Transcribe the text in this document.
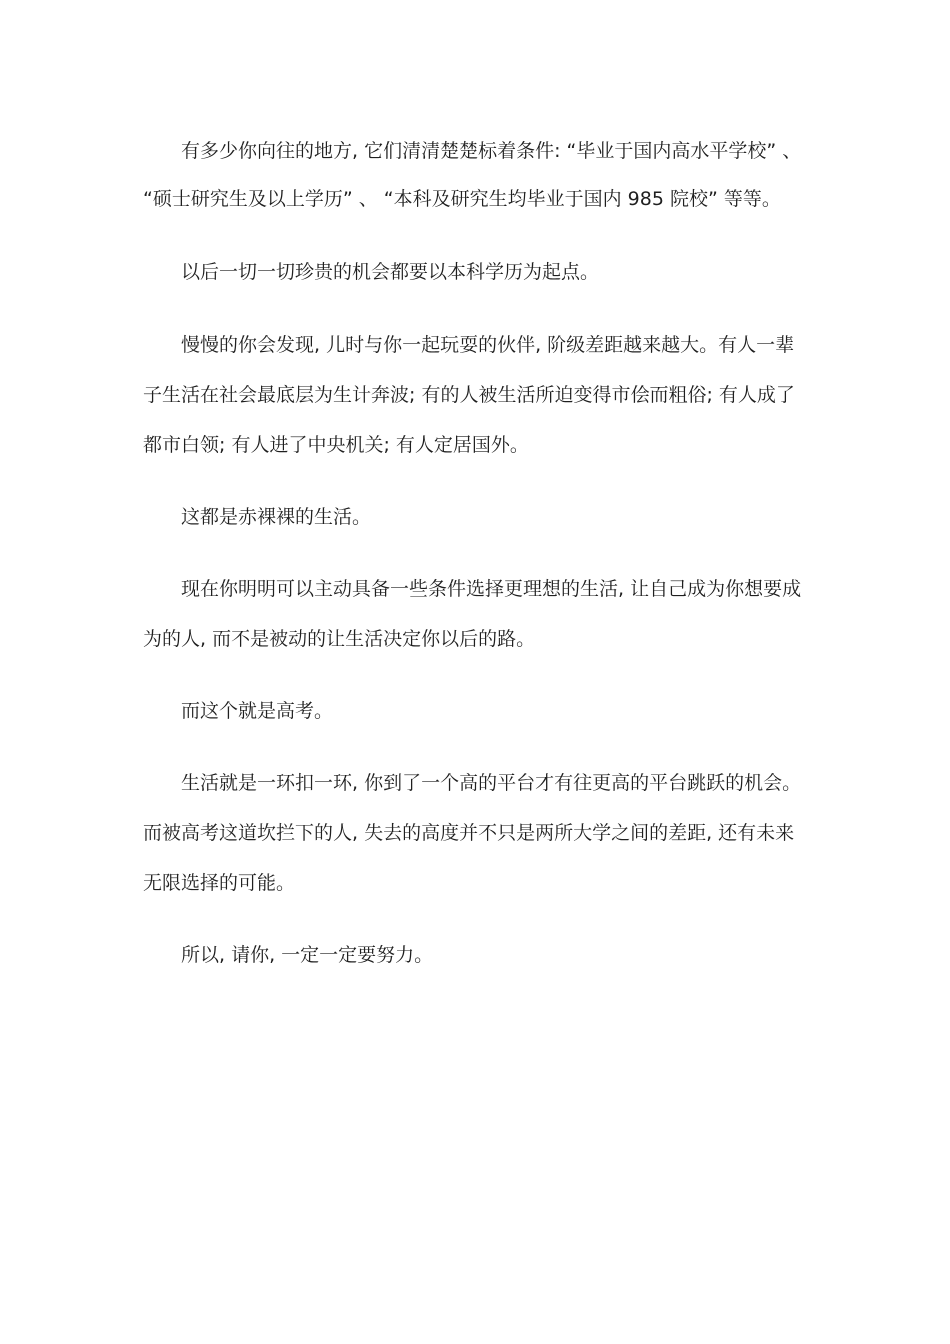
有多少你向往的地方, 它们清清楚楚标着条件: “毕业于国内高水平学校” 、

“硕士研究生及以上学历” 、 “本科及研究生均毕业于国内 985 院校” 等等。

以后一切一切珍贵的机会都要以本科学历为起点。

慢慢的你会发现, 儿时与你一起玩耍的伙伴, 阶级差距越来越大。有人一辈

子生活在社会最底层为生计奔波; 有的人被生活所迫变得市侩而粗俗; 有人成了

都市白领; 有人进了中央机关; 有人定居国外。

这都是赤裸裸的生活。

现在你明明可以主动具备一些条件选择更理想的生活, 让自己成为你想要成

为的人, 而不是被动的让生活决定你以后的路。

而这个就是高考。

生活就是一环扣一环, 你到了一个高的平台才有往更高的平台跳跃的机会。

而被高考这道坎拦下的人, 失去的高度并不只是两所大学之间的差距, 还有未来

无限选择的可能。

所以, 请你, 一定一定要努力。
